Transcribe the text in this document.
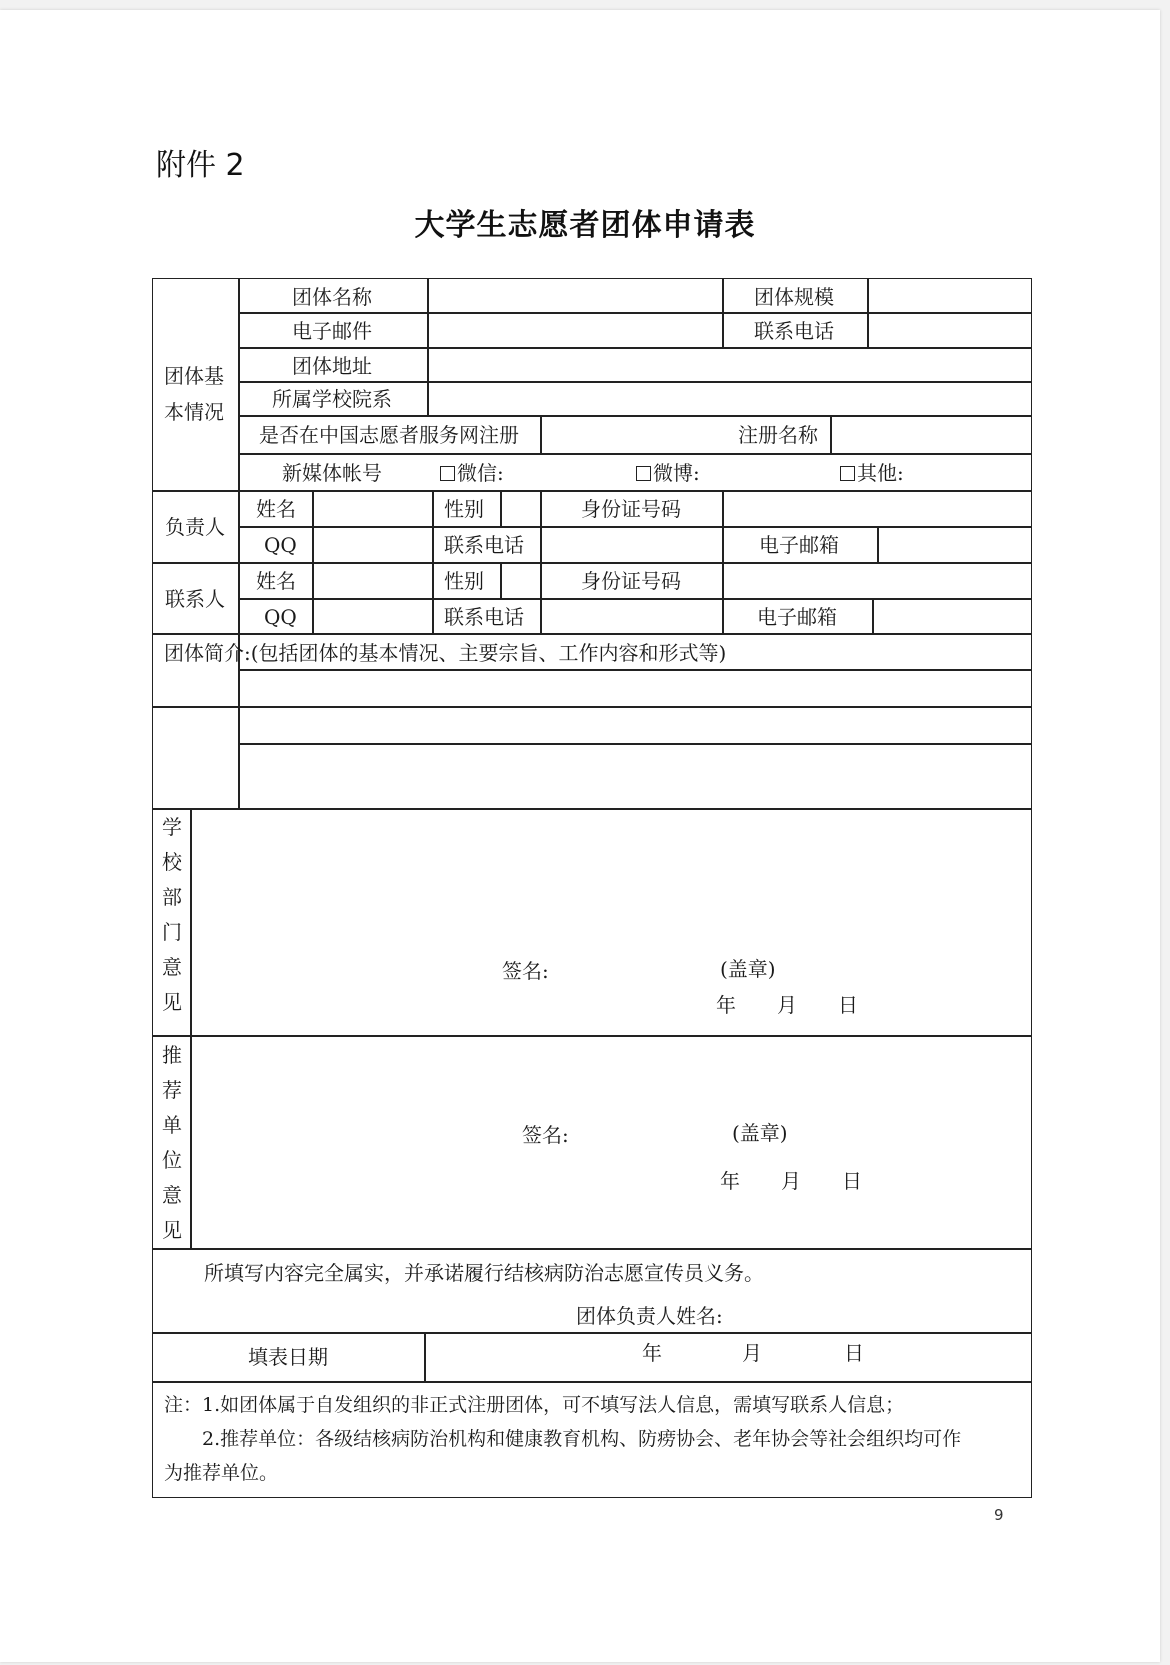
附件 2
大学生志愿者团体申请表
团体基本情况
团体名称	团体规模
电子邮件	联系电话
团体地址
所属学校院系
是否在中国志愿者服务网注册	注册名称
新媒体帐号	微信:	微博:	其他:
负责人
姓名	性别	身份证号码
QQ	联系电话	电子邮箱
联系人
姓名	性别	身份证号码
QQ	联系电话	电子邮箱
团体简介:(包括团体的基本情况、主要宗旨、工作内容和形式等)
学校部门意见
签名:	(盖章)
年 月 日
推荐单位意见
签名:	(盖章)
年 月 日
所填写内容完全属实，并承诺履行结核病防治志愿宣传员义务。
团体负责人姓名:
填表日期	年	月	日
注：1.如团体属于自发组织的非正式注册团体，可不填写法人信息，需填写联系人信息；
2.推荐单位：各级结核病防治机构和健康教育机构、防痨协会、老年协会等社会组织均可作
为推荐单位。
9
